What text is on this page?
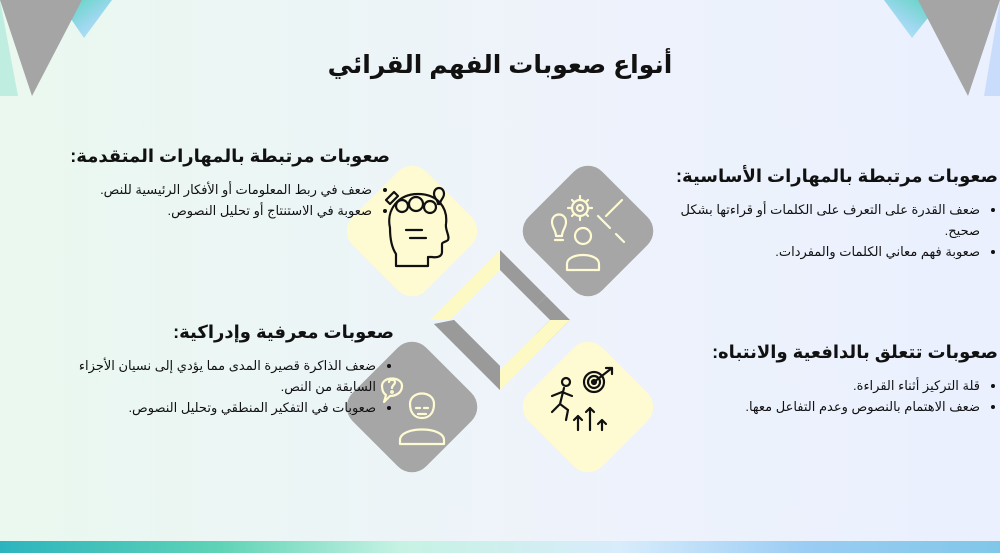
أنواع صعوبات الفهم القرائي
صعوبات مرتبطة بالمهارات الأساسية:
• ضعف القدرة على التعرف على الكلمات أو قراءتها بشكل صحيح.
• صعوبة فهم معاني الكلمات والمفردات.
صعوبات مرتبطة بالمهارات المتقدمة:
• ضعف في ربط المعلومات أو الأفكار الرئيسية للنص.
• صعوبة في الاستنتاج أو تحليل النصوص.
صعوبات تتعلق بالدافعية والانتباه:
• قلة التركيز أثناء القراءة.
• ضعف الاهتمام بالنصوص وعدم التفاعل معها.
صعوبات معرفية وإدراكية:
• ضعف الذاكرة قصيرة المدى مما يؤدي إلى نسيان الأجزاء السابقة من النص.
• صعوبات في التفكير المنطقي وتحليل النصوص.
